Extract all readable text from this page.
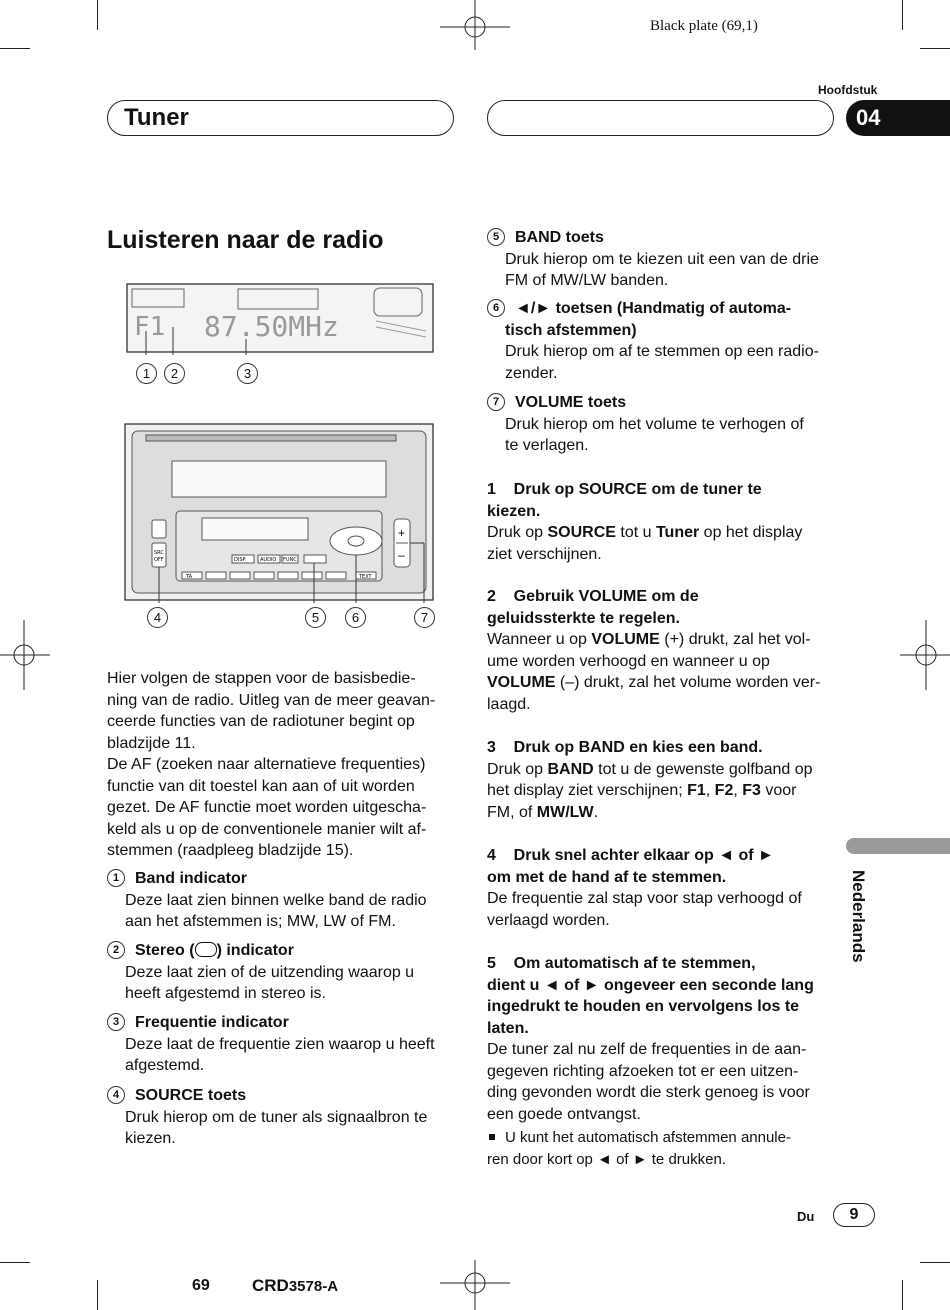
Black plate (69,1)
Hoofdstuk
Tuner	04
Luisteren naar de radio
F1 87.50MHz
1	2	3
SRC
OFF
+
–
DISP	AUDIO FUNC
TA	TEXT
4	5	6	7

Hier volgen de stappen voor de basisbedie-

ning van de radio. Uitleg van de meer geavan-

ceerde functies van de radiotuner begint op

bladzijde 11.

De AF (zoeken naar alternatieve frequenties)

functie van dit toestel kan aan of uit worden

gezet. De AF functie moet worden uitgescha-

keld als u op de conventionele manier wilt af-

stemmen (raadpleeg bladzijde 15).

1 Band indicator

Deze laat zien binnen welke band de radio

aan het afstemmen is; MW, LW of FM.

2 Stereo ( ) indicator

Deze laat zien of de uitzending waarop u

heeft afgestemd in stereo is.

3 Frequentie indicator

Deze laat de frequentie zien waarop u heeft

afgestemd.

4 SOURCE toets

Druk hierop om de tuner als signaalbron te

kiezen.

5 BAND toets

Druk hierop om te kiezen uit een van de drie

FM of MW/LW banden.

6 ◄/► toetsen (Handmatig of automa-

tisch afstemmen)

Druk hierop om af te stemmen op een radio-

zender.

7 VOLUME toets

Druk hierop om het volume te verhogen of

te verlagen.

1    Druk op SOURCE om de tuner te

kiezen.

Druk op SOURCE tot u Tuner op het display

ziet verschijnen.

2    Gebruik VOLUME om de

geluidssterkte te regelen.

Wanneer u op VOLUME (+) drukt, zal het vol-

ume worden verhoogd en wanneer u op

VOLUME (–) drukt, zal het volume worden ver-

laagd.

3    Druk op BAND en kies een band.

Druk op BAND tot u de gewenste golfband op

het display ziet verschijnen; F1, F2, F3 voor

FM, of MW/LW.

4    Druk snel achter elkaar op ◄ of ►

om met de hand af te stemmen.

De frequentie zal stap voor stap verhoogd of

verlaagd worden.

5    Om automatisch af te stemmen,

dient u ◄ of ► ongeveer een seconde lang

ingedrukt te houden en vervolgens los te

laten.

De tuner zal nu zelf de frequenties in de aan-

gegeven richting afzoeken tot er een uitzen-

ding gevonden wordt die sterk genoeg is voor

een goede ontvangst.

U kunt het automatisch afstemmen annule-

ren door kort op ◄ of ► te drukken.

Nederlands
Du	9
69 CRD3578-A
